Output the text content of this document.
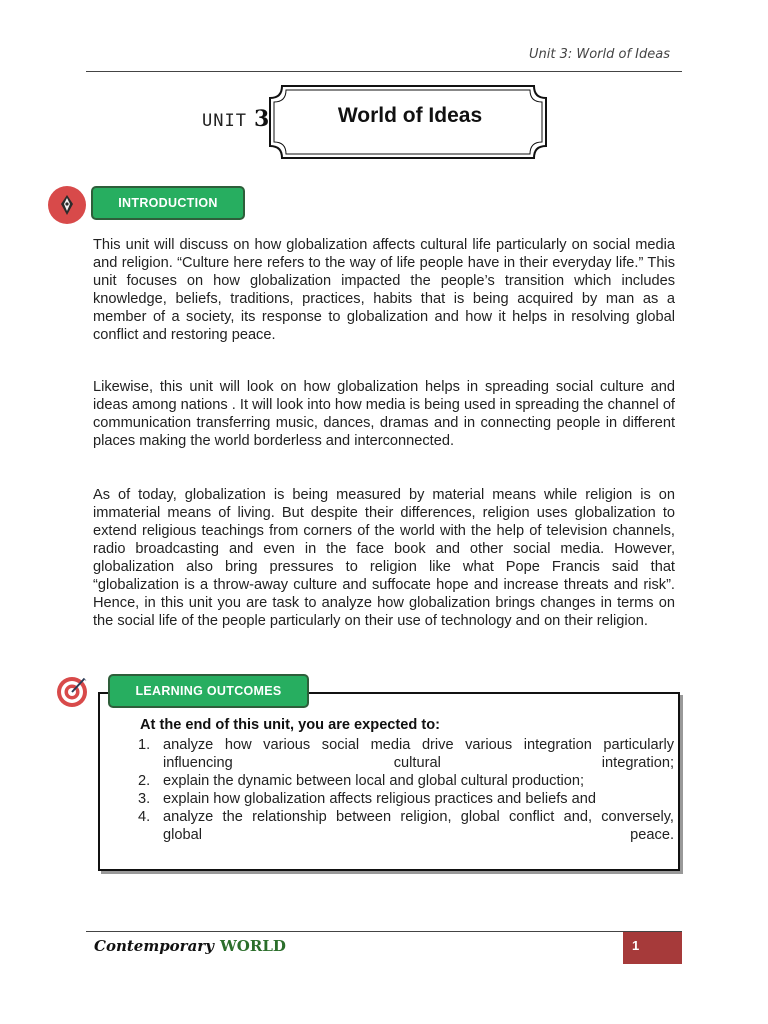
Unit 3: World of Ideas
UNIT 3	World of Ideas
INTRODUCTION

This unit will discuss on how globalization affects cultural life particularly on social media and religion. “Culture here refers to the way of life people have in their everyday life.” This unit focuses on how globalization impacted the people’s transition which includes knowledge, beliefs, traditions, practices, habits that is being acquired by man as a member of a society, its response to globalization and how it helps in resolving global conflict and restoring peace.

Likewise, this unit will look on how globalization helps in spreading social culture and ideas among nations . It will look into how media is being used in spreading the channel of communication transferring music, dances, dramas and in connecting people in different places making the world borderless and interconnected.

As of today, globalization is being measured by material means while religion is on immaterial means of living. But despite their differences, religion uses globalization to extend religious teachings from corners of the world with the help of television channels, radio broadcasting and even in the face book and other social media. However, globalization also bring pressures to religion like what Pope Francis said that “globalization is a throw-away culture and suffocate hope and increase threats and risk”. Hence, in this unit you are task to analyze how globalization brings changes in terms on the social life of the people particularly on their use of technology and on their religion.

LEARNING OUTCOMES
At the end of this unit, you are expected to:
1. analyze how various social media drive various integration particularly influencing cultural integration;
2. explain the dynamic between local and global cultural production;
3. explain how globalization affects religious practices and beliefs and
4. analyze the relationship between religion, global conflict and, conversely, global peace.
Contemporary WORLD	1
